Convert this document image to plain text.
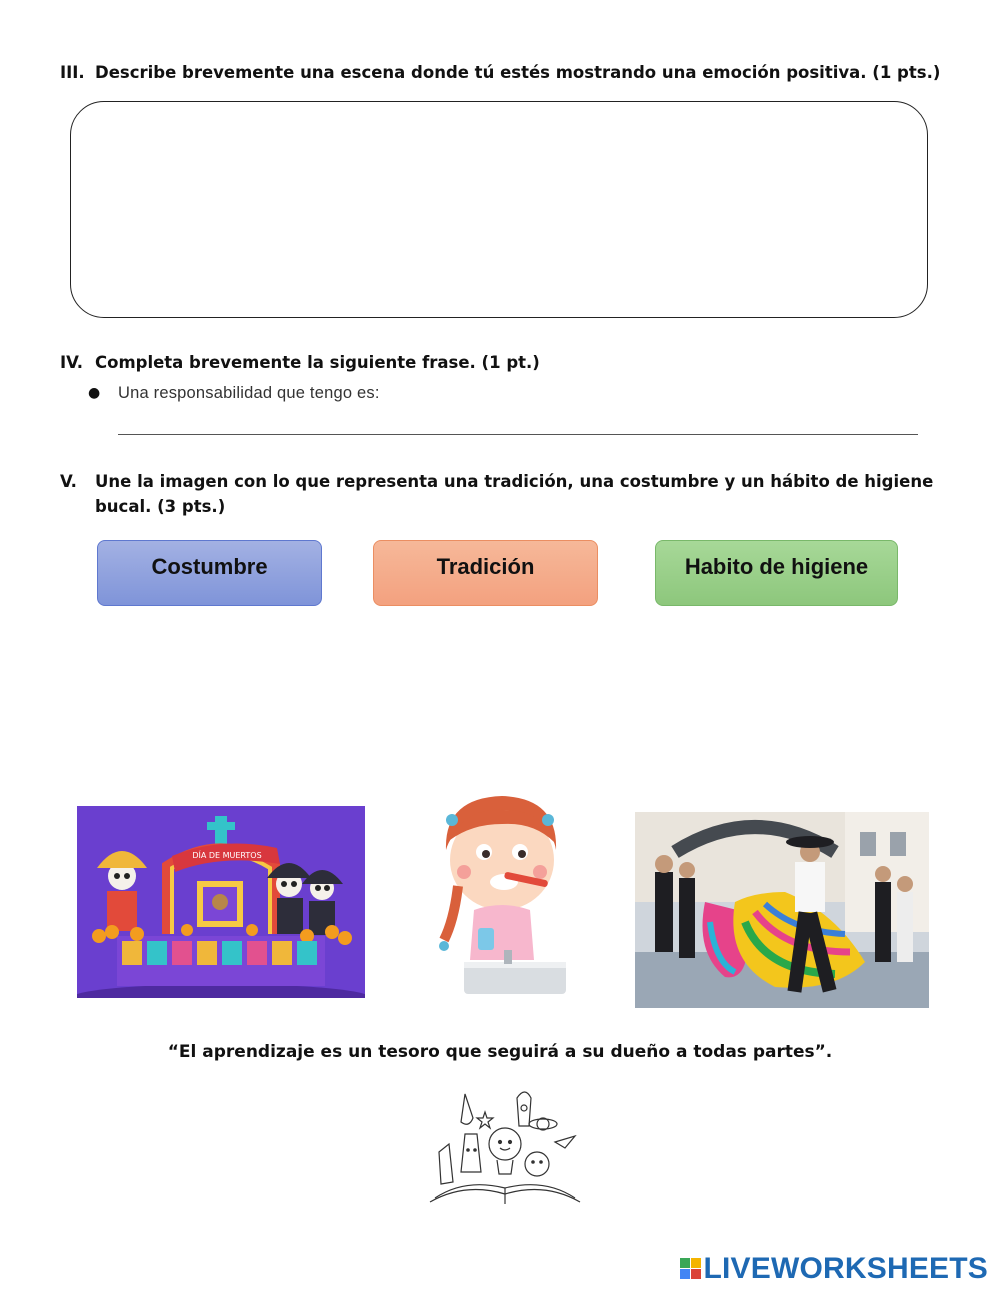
III. Describe brevemente una escena donde tú estés mostrando una emoción positiva. (1 pts.)
IV. Completa brevemente la siguiente frase. (1 pt.)
● Una responsabilidad que tengo es:
V. Une la imagen con lo que representa una tradición, una costumbre y un hábito de higiene
bucal. (3 pts.)
Costumbre	Tradición	Habito de higiene
DÍA DE MUERTOS
“El aprendizaje es un tesoro que seguirá a su dueño a todas partes”.
LIVEWORKSHEETS
